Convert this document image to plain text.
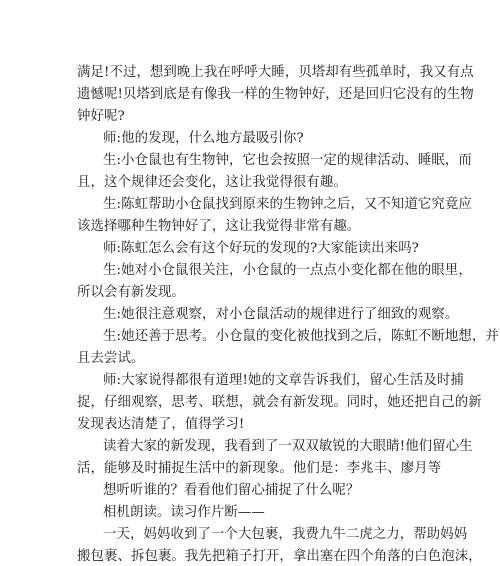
满足!不过，想到晚上我在呼呼大睡，贝塔却有些孤单时，我又有点
遗憾呢!贝塔到底是有像我一样的生物钟好，还是回归它没有的生物
钟好呢?
师:他的发现，什么地方最吸引你?
生:小仓鼠也有生物钟，它也会按照一定的规律活动、睡眠，而
且，这个规律还会变化，这让我觉得很有趣。
生:陈虹帮助小仓鼠找到原来的生物钟之后，又不知道它究竟应
该选择哪种生物钟好了，这让我觉得非常有趣。
师:陈虹怎么会有这个好玩的发现的?大家能读出来吗?
生:她对小仓鼠很关注，小仓鼠的一点点小变化都在他的眼里，
所以会有新发现。
生:她很注意观察，对小仓鼠活动的规律进行了细致的观察。
生:她还善于思考。小仓鼠的变化被他找到之后，陈虹不断地想，并
且去尝试。
师:大家说得都很有道理!她的文章告诉我们，留心生活及时捕
捉，仔细观察，思考、联想，就会有新发现。同时，她还把自己的新
发现表达清楚了，值得学习!
读着大家的新发现，我看到了一双双敏锐的大眼睛!他们留心生
活，能够及时捕捉生活中的新现象。他们是：李兆丰、廖月等
想听听谁的？看看他们留心捕捉了什么呢？
相机朗读。读习作片断——
一天，妈妈收到了一个大包裹，我费九牛二虎之力，帮助妈妈
搬包裹、拆包裹。我先把箱子打开，拿出塞在四个角落的白色泡沫，
